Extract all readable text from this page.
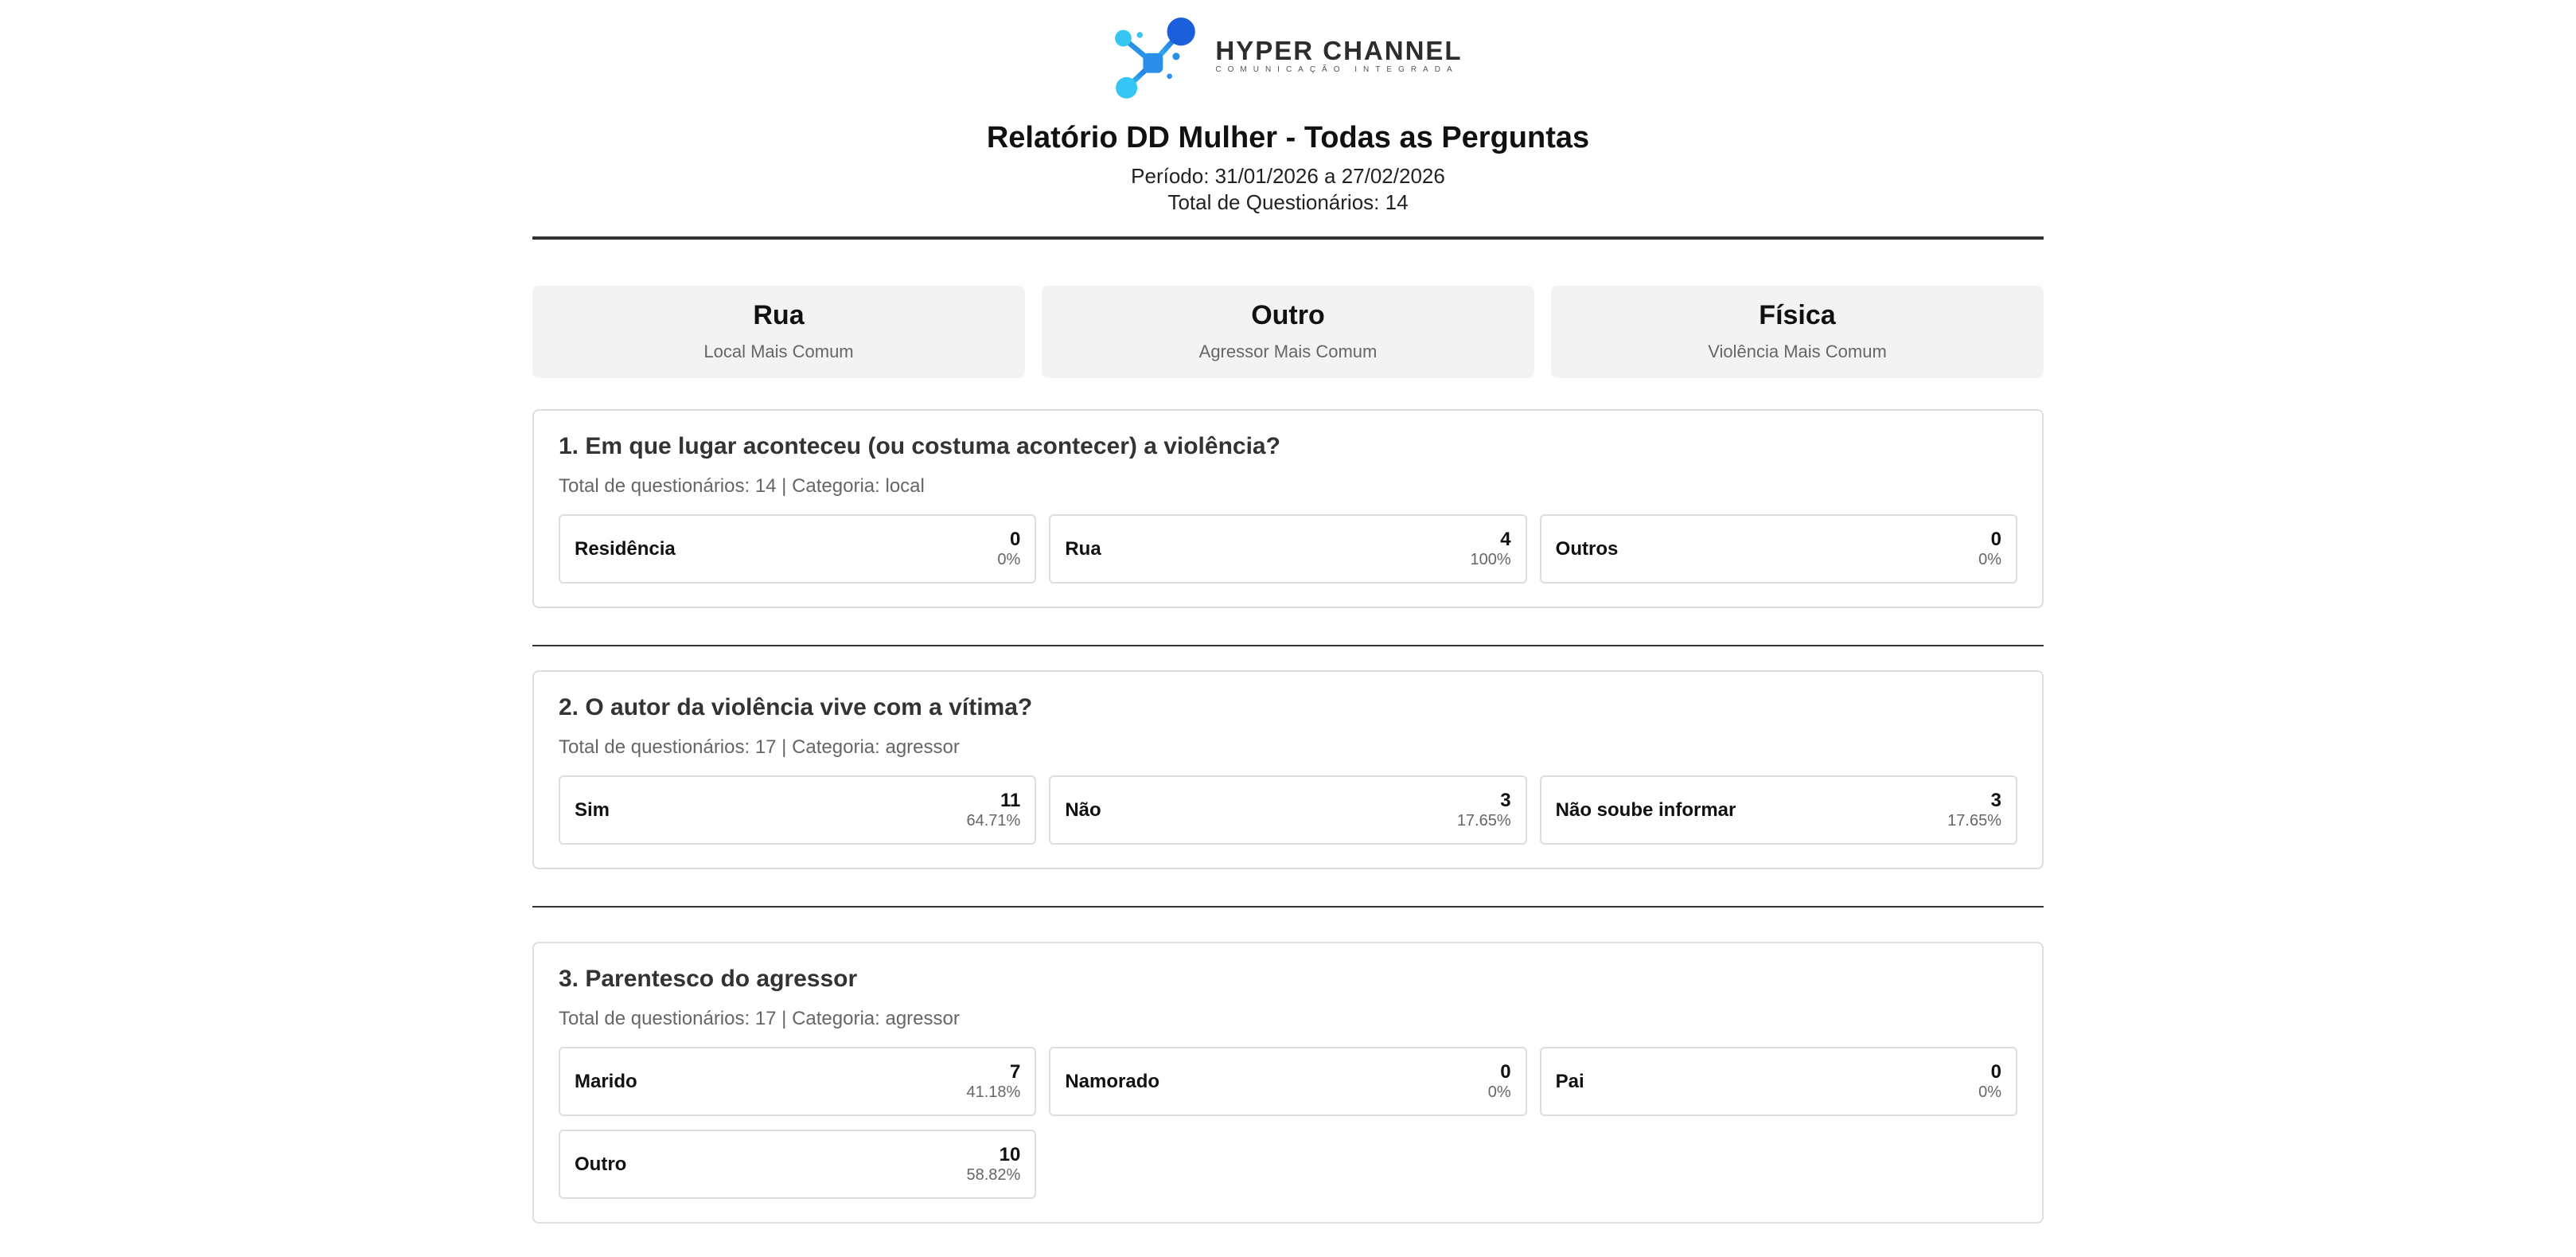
HYPER CHANNEL
COMUNICAÇÃO INTEGRADA
Relatório DD Mulher - Todas as Perguntas
Período: 31/01/2026 a 27/02/2026
Total de Questionários: 14
Rua
Local Mais Comum
Outro
Agressor Mais Comum
Física
Violência Mais Comum
1. Em que lugar aconteceu (ou costuma acontecer) a violência?
Total de questionários: 14 | Categoria: local
Residência	0
0% Rua	4
100% Outros	0
0%
2. O autor da violência vive com a vítima?
Total de questionários: 17 | Categoria: agressor
Sim	11
64.71% Não	3
17.65% Não soube informar	3
17.65%
3. Parentesco do agressor
Total de questionários: 17 | Categoria: agressor
Marido	7
41.18% Namorado	0
0% Pai	0
0%
Outro	10
58.82%
